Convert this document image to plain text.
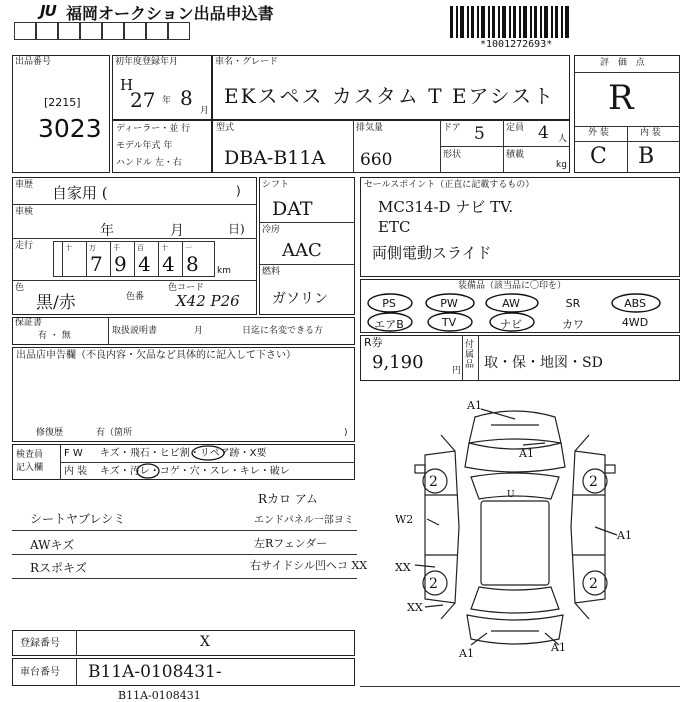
JU 福岡オークション出品申込書
*1001272693*
出品番号
[2215]
3023
初年度登録年月
H
27 年 8
月
ディーラー・並 行
モデル年式 年
ハンドル 左・右
車名・グレード
EKスペス カスタム T Eアシスト
型式
DBA-B11A
排気量
660
ドア 5 定員 4 人
形状	積載
kg
評 価 点
R
外 装	内 装
C B
車歴 自家用 (	)
車検
年	月	日)
走行	十 万
7
千
9
百
4
十
4
一
8 km
色
黒/赤	色番
色コード
X42 P26
シフト
DAT
冷房
AAC
燃料
ガソリン
セールスポイント（正直に記載するもの）
MC314-D ナビ TV.
ETC
両側電動スライド
装備品（該当品に〇印を）
PS	PW	AW	SR	ABS
エアB	TV	ナビ	カワ	4WD
保証書
有 ・ 無	取扱説明書	月	日迄に名変できる方
R券
9,190	円
付属品 取・保・地図・SD
出品店申告欄（不良内容・欠品など具体的に記入して下さい）
修復歴	有（箇所	)
検査員
記入欄
F W キズ・飛石・ヒビ割・リペア跡・X要
内 装 キズ・汚レ・コゲ・穴・スレ・キレ・破レ
シートヤブレシミ
AWキズ
Rスポキズ
Rカロ アム
エンドパネル一部ヨミ
左Rフェンダー
右サイドシル凹ヘコ XX
A1
A1
2	2
2	2
W2
A1
XX
XX
A1	A1
U
登録番号	X
車台番号 B11A-0108431-
B11A-0108431
